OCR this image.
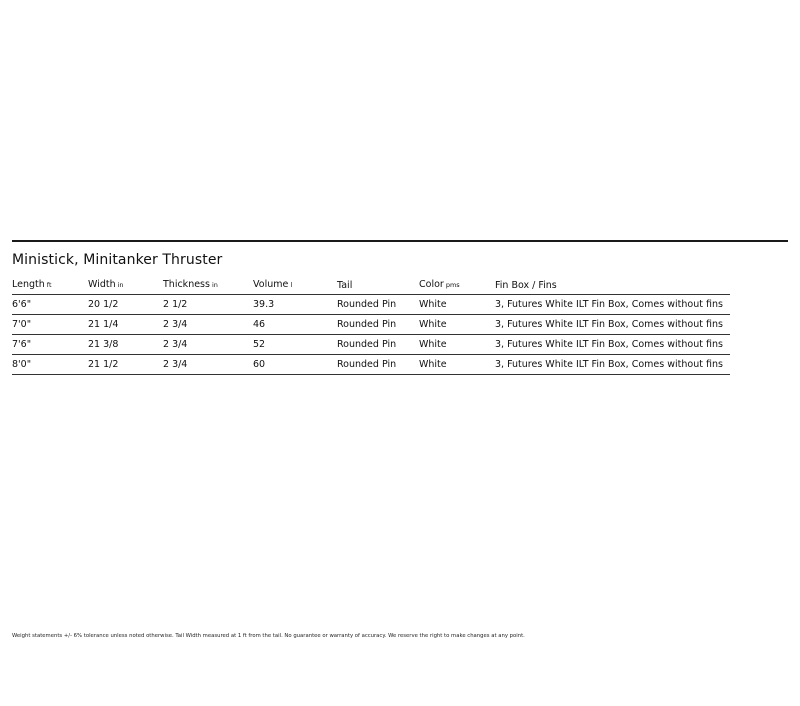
Ministick, Minitanker Thruster
Length ft	Width in	Thickness in	Volume l	Tail	Color pms	Fin Box / Fins
6'6"	20 1/2	2 1/2	39.3	Rounded Pin	White	3, Futures White ILT Fin Box, Comes without fins
7'0"	21 1/4	2 3/4	46	Rounded Pin	White	3, Futures White ILT Fin Box, Comes without fins
7'6"	21 3/8	2 3/4	52	Rounded Pin	White	3, Futures White ILT Fin Box, Comes without fins
8'0"	21 1/2	2 3/4	60	Rounded Pin	White	3, Futures White ILT Fin Box, Comes without fins
Weight statements +/- 6% tolerance unless noted otherwise. Tail Width measured at 1 ft from the tail. No guarantee or warranty of accuracy. We reserve the right to make changes at any point.
